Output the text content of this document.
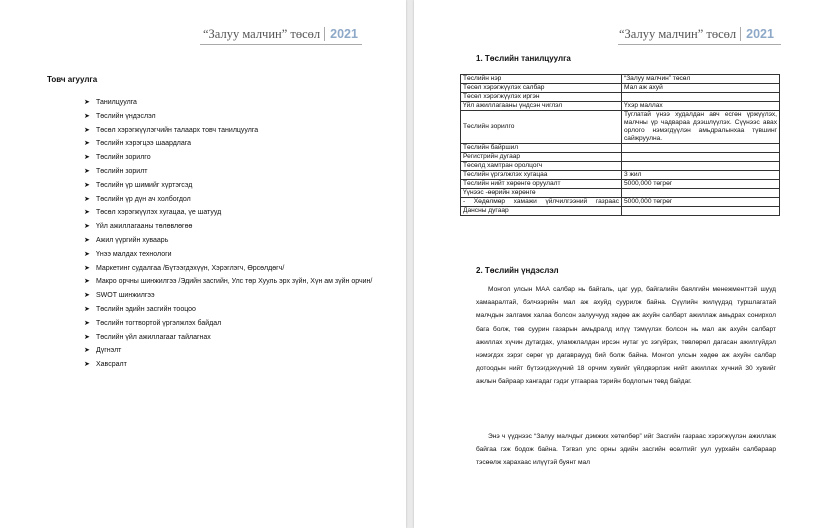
“Залуу малчин” төсөл 2021
Товч агуулга
➤ Танилцуулга
➤ Төслийн үндэслэл
➤ Төсөл хэрэгжүүлэгчийн талаарх товч танилцуулга
➤ Төслийн хэрэгцээ шаардлага
➤ Төслийн зорилго
➤ Төслийн зорилт
➤ Төслийн үр шимийг хүртэгсэд
➤ Төслийн үр дүн ач холбогдол
➤ Төсөл хэрэгжүүлэх хугацаа, үе шатууд
➤ Үйл ажиллагааны төлөвлөгөө
➤ Ажил үүргийн хуваарь
➤ Үнээ малдах технологи
➤ Маркетинг судалгаа /Бүтээгдэхүүн, Хэрэглэгч, Өрсөлдөгч/
➤ Макро орчны шинжилгээ /Эдийн засгийн, Улс төр Хууль эрх зүйн, Хүн ам зүйн орчин/
➤ SWOT шинжилгээ
➤ Төслийн эдийн засгийн тооцоо
➤ Төслийн тогтвортой үргэлжлэх байдал
➤ Төслийн үйл ажиллагааг тайлагнах
➤ Дүгнэлт
➤ Хавсралт
“Залуу малчин” төсөл 2021
1. Төслийн танилцуулга
Төслийн нэр	“Залуу малчин” төсөл
Төсөл хэрэгжүүлэх салбар	Мал аж ахуй
Төсөл хэрэгжүүлэх иргэн	
Үйл ажиллагааны үндсэн чиглэл	Үхэр маллах
Төслийн зорилго	Туглатай үнээ худалдан авч есгөн үржүүлэх, малчны үр чадвараа дээшлүүлэх. Сүүнээс авах орлого нэмэгдүүлэн амьдралынхаа түвшинг сайжруулна.
Төслийн байршил	
Регистрийн дугаар	
Төсөлд хамтран оролцогч	
Төслийн үргэлжлэх хугацаа	3 жил
Төслийн нийт хөрөнгө оруулалт	5000,000 төгрөг
Үүнээс -өөрийн хөрөнгө	
- Хөдөлмөр хамажи үйлчилгээний газраас	5000,000 төгрөг
Дансны дугаар	
2. Төслийн үндэслэл
Монгол улсын МАА салбар нь байгаль, цаг уур, байгалийн баялгийн менежменттэй шууд хамааралтай, бэлчээрийн мал аж ахуйд суурилж байна. Сүүлийн жилүүдэд туршлагатай малчдын залгамж халаа болсон залуучууд хөдөө аж ахуйн салбарт ажиллаж амьдрах сонирхол бага болж, төв суурин газарын амьдралд илүү тэмүүлэх болсон нь мал аж ахуйн салбарт ажиллах хүчин дутагдах, уламжлалдан ирсэн нутаг ус зэгүйрэх, төвлөрөл дагасан ажилгүйдэл нэмэгдэх зэрэг сөрөг үр дагавраууд бий болж байна. Монгол улсын хөдөө аж ахуйн салбар дотоодын нийт бүтээгдэхүүний 18 орчим хувийг үйлдвэрлэж нийт ажиллах хүчний 30 хувийг ажлын байраар хангадаг гэдэг утгаараа тэрийн бодлогын төвд байдаг.
Энэ ч үүднээс “Залуу малчдыг дэмжих хөтөлбөр” ийг Засгийн газраас хэрэгжүүлэн ажиллаж байгаа гэж бодож байна. Тэгвэл улс орны эдийн засгийн өсөлтийг уул уурхайн салбараар тэсөөлж харахаас илүүтэй буянт мал
